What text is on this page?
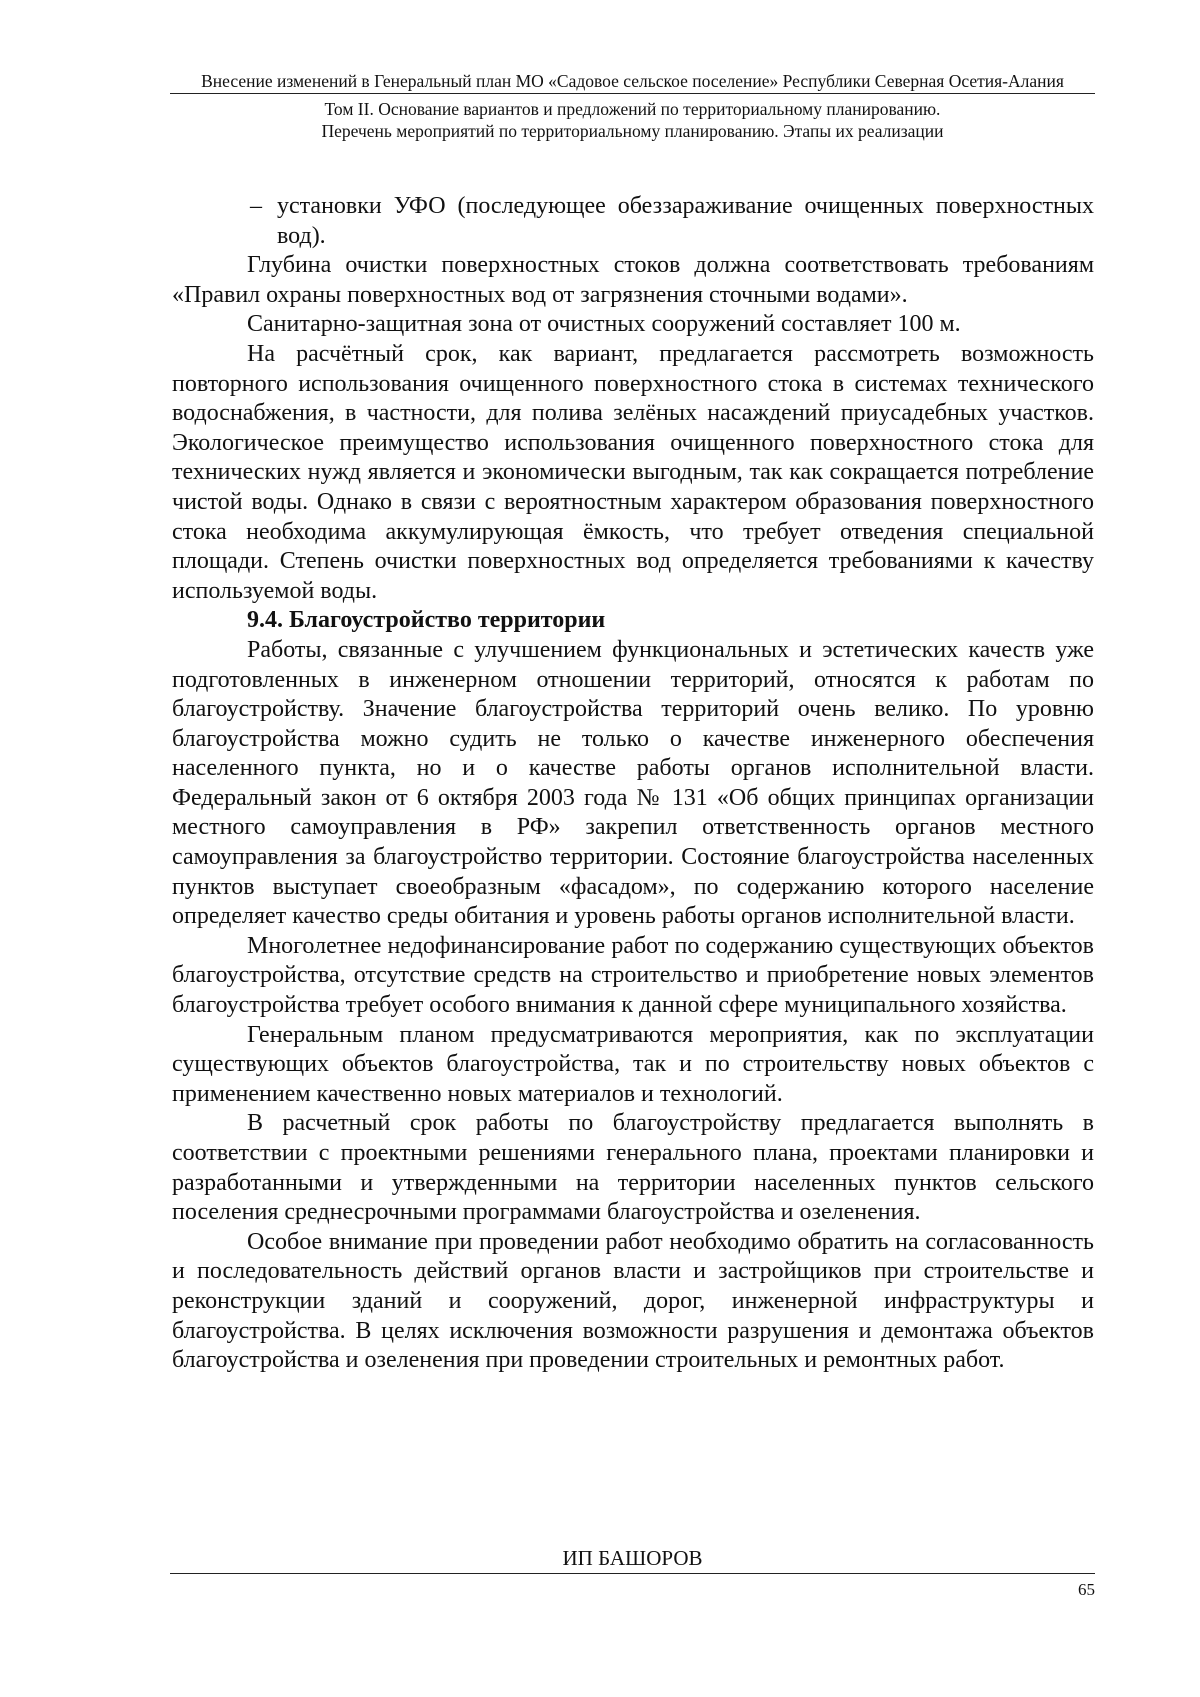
Внесение изменений в Генеральный план МО «Садовое сельское поселение» Республики Северная Осетия-Алания
Том II. Основание вариантов и предложений по территориальному планированию.
Перечень мероприятий по территориальному планированию. Этапы их реализации

– установки УФО (последующее обеззараживание очищенных поверхностных вод).

Глубина очистки поверхностных стоков должна соответствовать требованиям «Правил охраны поверхностных вод от загрязнения сточными водами».

Санитарно-защитная зона от очистных сооружений составляет 100 м.

На расчётный срок, как вариант, предлагается рассмотреть возможность повторного использования очищенного поверхностного стока в системах технического водоснабжения, в частности, для полива зелёных насаждений приусадебных участков. Экологическое преимущество использования очищенного поверхностного стока для технических нужд является и экономически выгодным, так как сокращается потребление чистой воды. Однако в связи с вероятностным характером образования поверхностного стока необходима аккумулирующая ёмкость, что требует отведения специальной площади. Степень очистки поверхностных вод определяется требованиями к качеству используемой воды.

9.4. Благоустройство территории

Работы, связанные с улучшением функциональных и эстетических качеств уже подготовленных в инженерном отношении территорий, относятся к работам по благоустройству. Значение благоустройства территорий очень велико. По уровню благоустройства можно судить не только о качестве инженерного обеспечения населенного пункта, но и о качестве работы органов исполнительной власти. Федеральный закон от 6 октября 2003 года № 131 «Об общих принципах организации местного самоуправления в РФ» закрепил ответственность органов местного самоуправления за благоустройство территории. Состояние благоустройства населенных пунктов выступает своеобразным «фасадом», по содержанию которого население определяет качество среды обитания и уровень работы органов исполнительной власти.

Многолетнее недофинансирование работ по содержанию существующих объектов благоустройства, отсутствие средств на строительство и приобретение новых элементов благоустройства требует особого внимания к данной сфере муниципального хозяйства.

Генеральным планом предусматриваются мероприятия, как по эксплуатации существующих объектов благоустройства, так и по строительству новых объектов с применением качественно новых материалов и технологий.

В расчетный срок работы по благоустройству предлагается выполнять в соответствии с проектными решениями генерального плана, проектами планировки и разработанными и утвержденными на территории населенных пунктов сельского поселения среднесрочными программами благоустройства и озеленения.

Особое внимание при проведении работ необходимо обратить на согласованность и последовательность действий органов власти и застройщиков при строительстве и реконструкции зданий и сооружений, дорог, инженерной инфраструктуры и благоустройства. В целях исключения возможности разрушения и демонтажа объектов благоустройства и озеленения при проведении строительных и ремонтных работ.

ИП БАШОРОВ
65
